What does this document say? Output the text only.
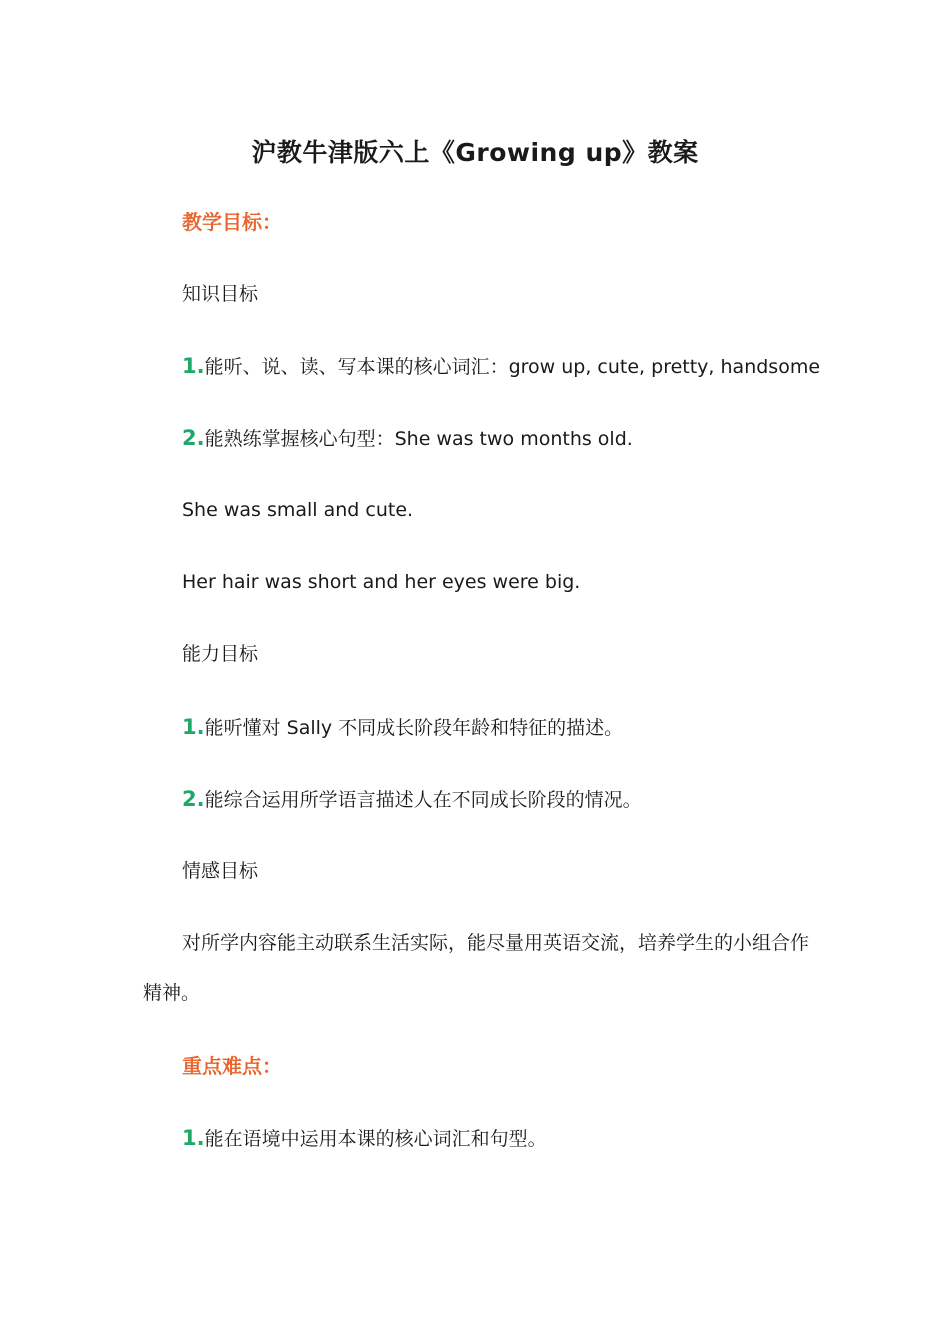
沪教牛津版六上《Growing up》教案
教学目标：
知识目标
1.能听、说、读、写本课的核心词汇：grow up, cute, pretty, handsome
2.能熟练掌握核心句型：She was two months old.
She was small and cute.
Her hair was short and her eyes were big.
能力目标
1.能听懂对 Sally 不同成长阶段年龄和特征的描述。
2.能综合运用所学语言描述人在不同成长阶段的情况。
情感目标
对所学内容能主动联系生活实际，能尽量用英语交流，培养学生的小组合作精神。
重点难点：
1.能在语境中运用本课的核心词汇和句型。
